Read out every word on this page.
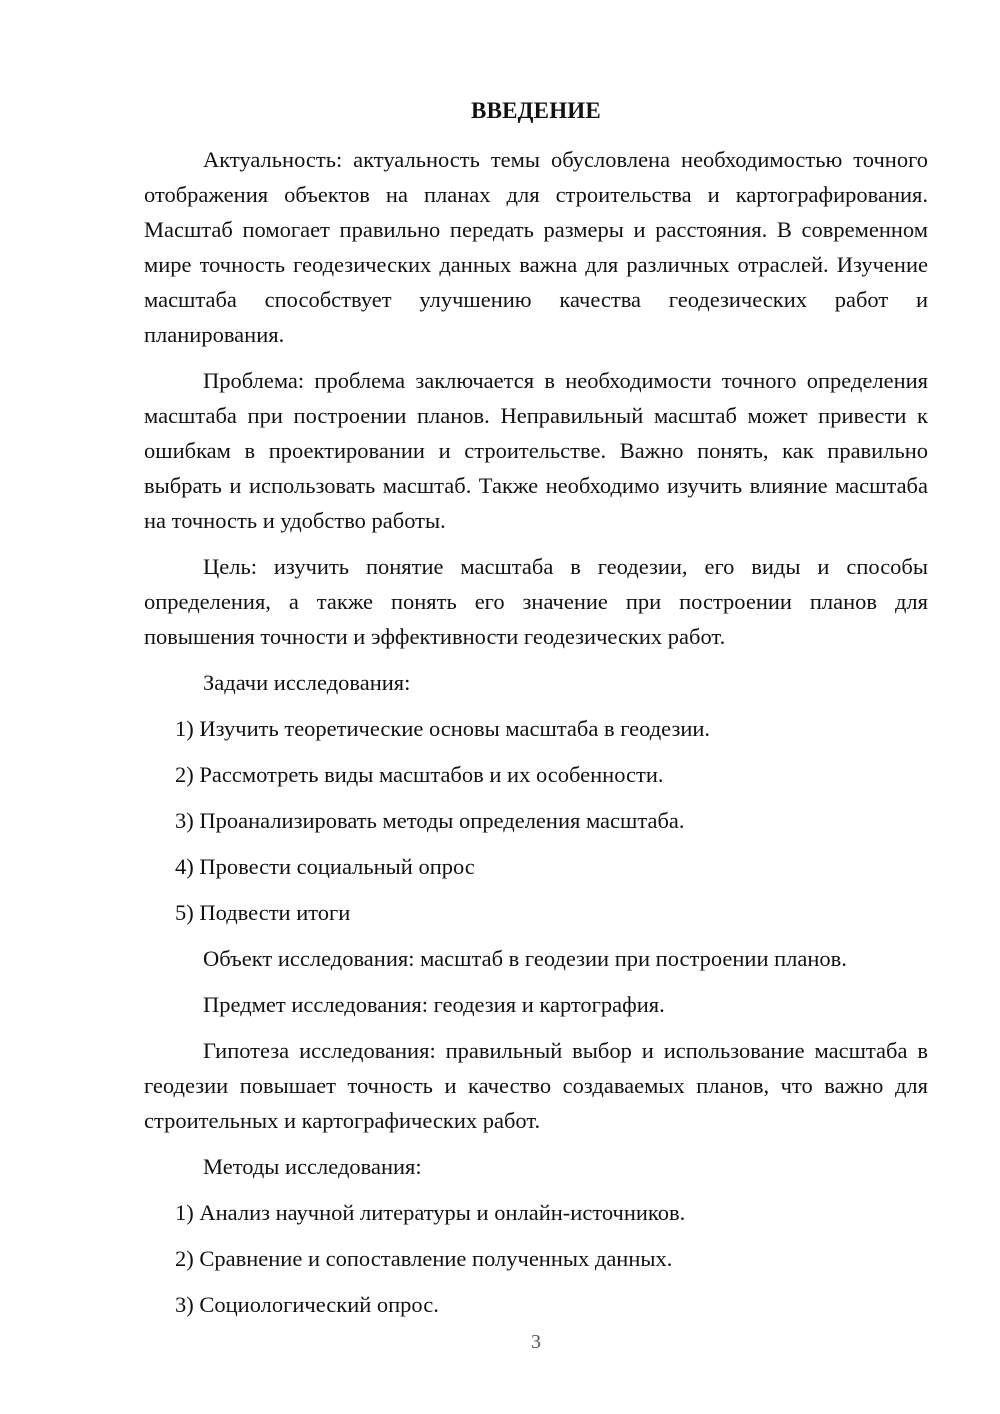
ВВЕДЕНИЕ

Актуальность: актуальность темы обусловлена необходимостью точного отображения объектов на планах для строительства и картографирования. Масштаб помогает правильно передать размеры и расстояния. В современном мире точность геодезических данных важна для различных отраслей. Изучение масштаба способствует улучшению качества геодезических работ и планирования.

Проблема: проблема заключается в необходимости точного определения масштаба при построении планов. Неправильный масштаб может привести к ошибкам в проектировании и строительстве. Важно понять, как правильно выбрать и использовать масштаб. Также необходимо изучить влияние масштаба на точность и удобство работы.

Цель: изучить понятие масштаба в геодезии, его виды и способы определения, а также понять его значение при построении планов для повышения точности и эффективности геодезических работ.

Задачи исследования:

1) Изучить теоретические основы масштаба в геодезии.
2) Рассмотреть виды масштабов и их особенности.
3) Проанализировать методы определения масштаба.
4) Провести социальный опрос
5) Подвести итоги

Объект исследования: масштаб в геодезии при построении планов.

Предмет исследования: геодезия и картография.

Гипотеза исследования: правильный выбор и использование масштаба в геодезии повышает точность и качество создаваемых планов, что важно для строительных и картографических работ.

Методы исследования:

1) Анализ научной литературы и онлайн-источников.
2) Сравнение и сопоставление полученных данных.
3) Социологический опрос.
3
